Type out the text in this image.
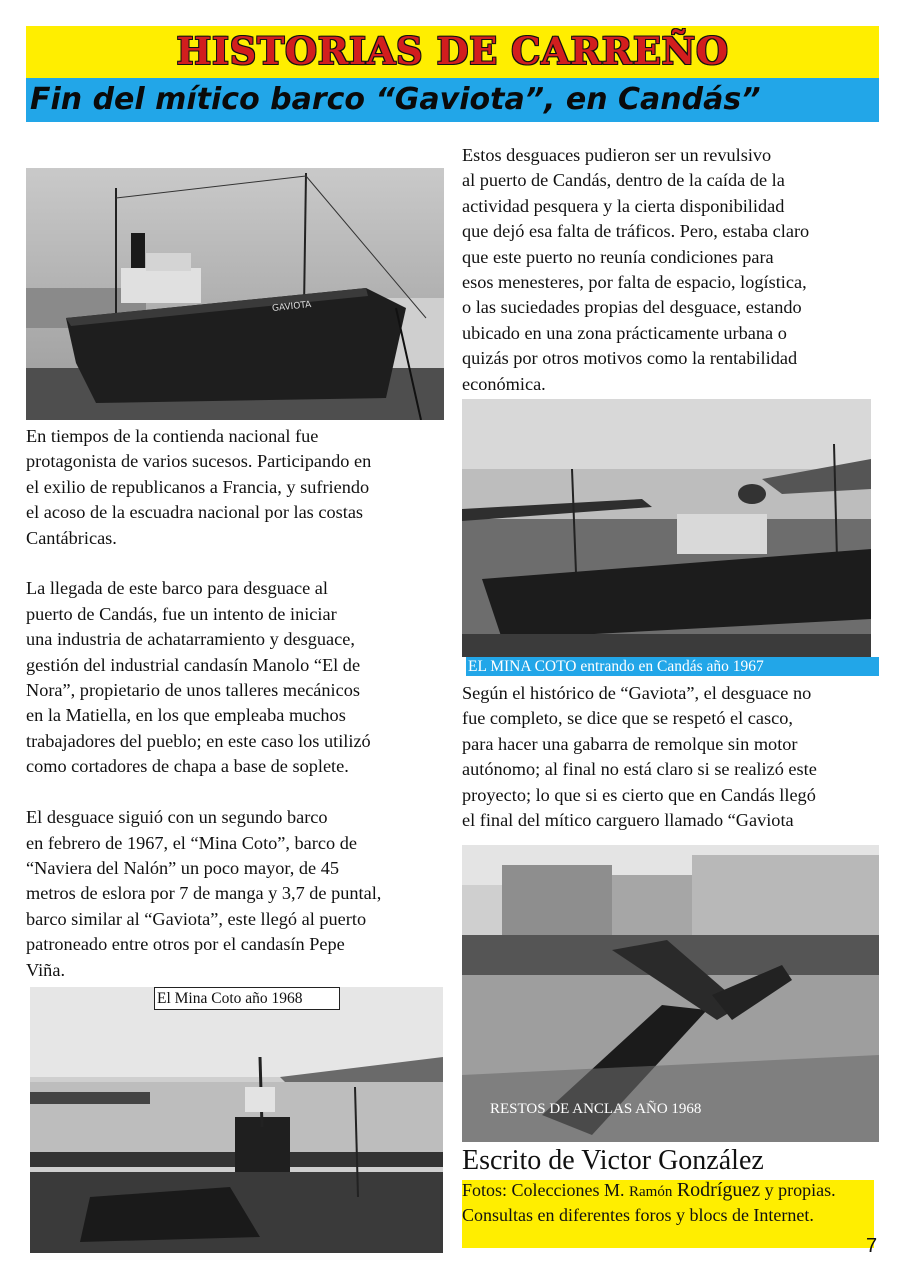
HISTORIAS DE CARREÑO
Fin del mítico barco “Gaviota”, en Candás”
GAVIOTA
En tiempos de la contienda nacional fue
protagonista de varios sucesos. Participando en
el exilio de republicanos a Francia, y sufriendo
el acoso de la escuadra nacional por las costas
Cantábricas.

La llegada de este barco para desguace al
puerto de Candás, fue un intento de iniciar
una industria de achatarramiento y desguace,
gestión del industrial candasín Manolo “El de
Nora”, propietario de unos talleres mecánicos
en la Matiella, en los que empleaba muchos
trabajadores del pueblo; en este caso los utilizó
como cortadores de chapa a base de soplete.

El desguace siguió con un segundo barco
en febrero de 1967, el “Mina Coto”, barco de
“Naviera del Nalón” un poco mayor, de 45
metros de eslora por 7 de manga y 3,7 de puntal,
barco similar al “Gaviota”, este llegó al puerto
patroneado entre otros por el candasín Pepe
Viña.
Estos desguaces pudieron ser un revulsivo
al puerto de Candás, dentro de la caída de la
actividad pesquera y la cierta disponibilidad
que dejó esa falta de tráficos. Pero, estaba claro
que este puerto no reunía condiciones para
esos menesteres, por falta de espacio, logística,
o las suciedades propias del desguace, estando
ubicado en una zona prácticamente urbana o
quizás por otros motivos como la rentabilidad
económica.
EL MINA COTO entrando en Candás año 1967
Según el histórico de “Gaviota”, el desguace no
fue completo, se dice que se respetó el casco,
para hacer una gabarra de remolque sin motor
autónomo; al final no está claro si se realizó este
proyecto; lo que si es cierto que en Candás llegó
el final del mítico carguero llamado “Gaviota
El Mina Coto año 1968
RESTOS DE ANCLAS AÑO 1968
Escrito de Victor González
Fotos: Colecciones M. Ramón Rodríguez y propias. Consultas en diferentes foros y blocs de Internet.
7
